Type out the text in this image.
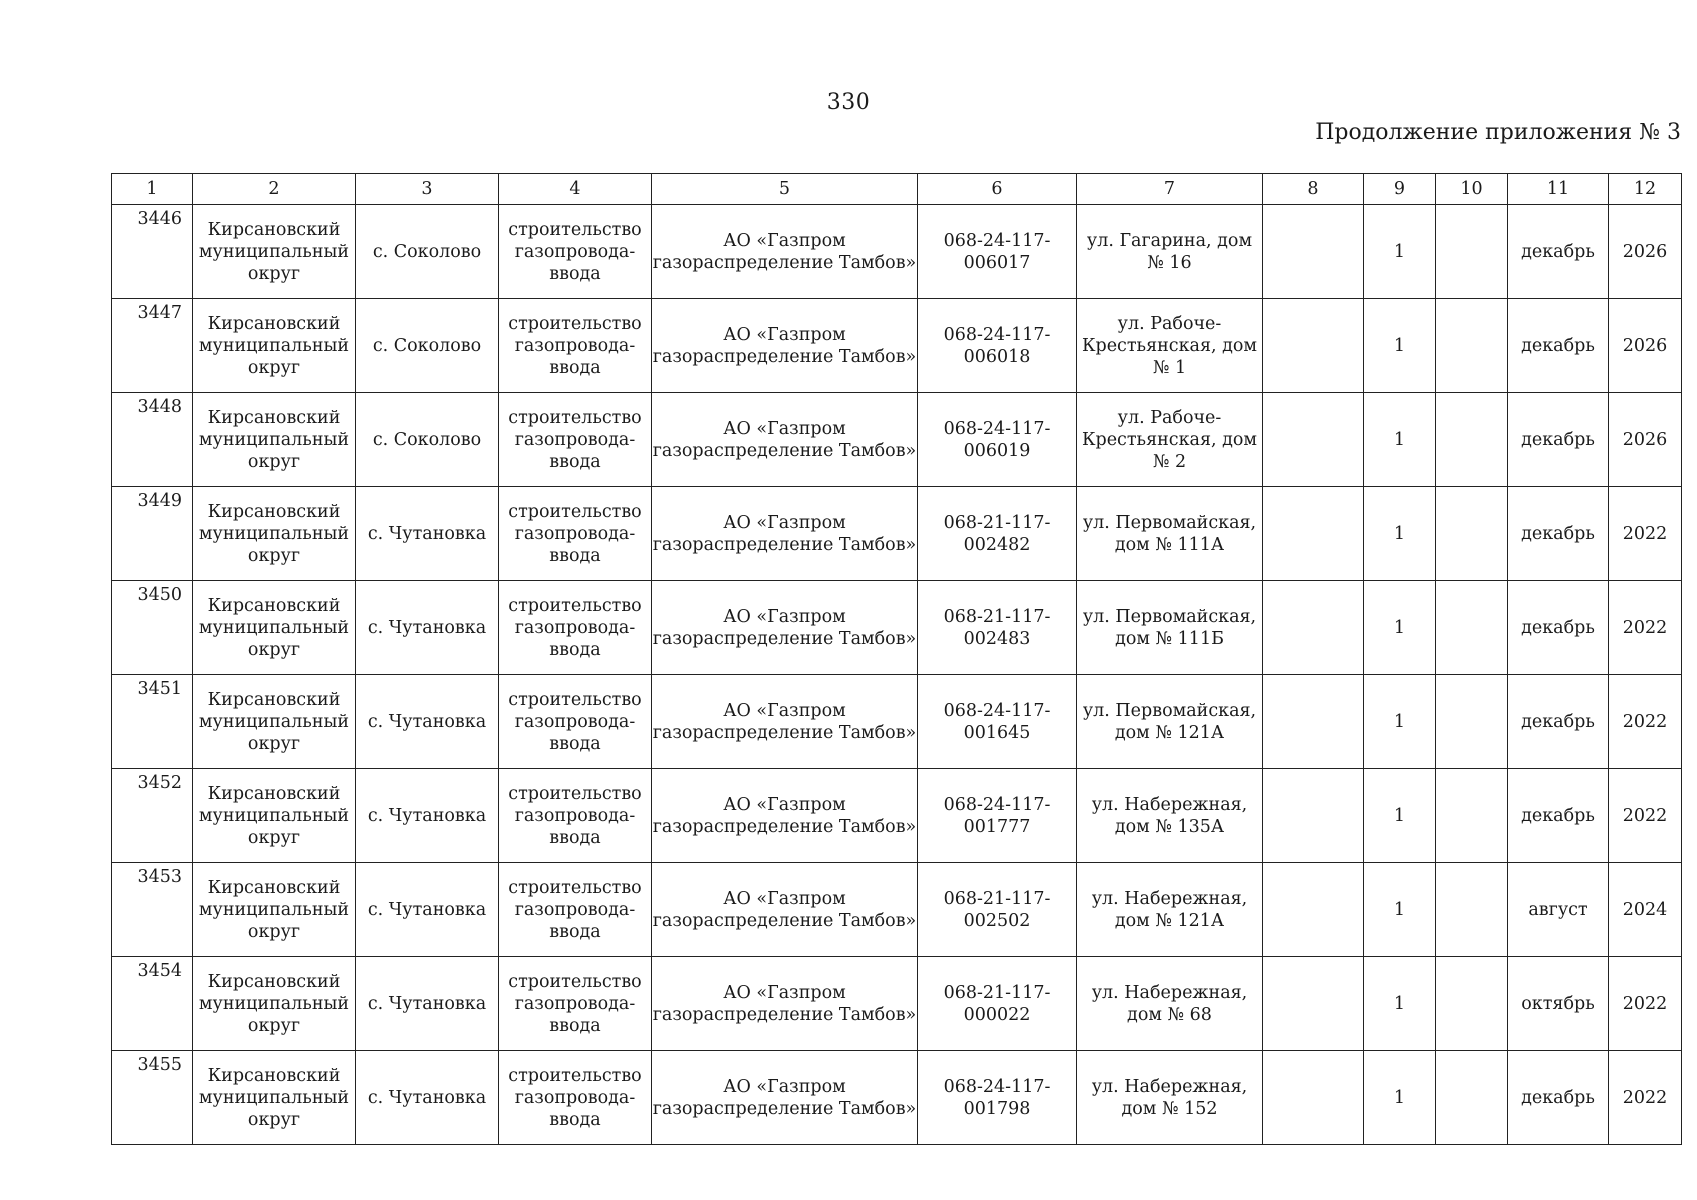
330
Продолжение приложения № 3
1	2	3	4	5	6	7	8	9	10	11	12
3446	Кирсановский муниципальный округ	с. Соколово	строительство газопровода-ввода	АО «Газпром газораспределение Тамбов»	068-24-117-006017	ул. Гагарина, дом № 16		1		декабрь	2026
3447	Кирсановский муниципальный округ	с. Соколово	строительство газопровода-ввода	АО «Газпром газораспределение Тамбов»	068-24-117-006018	ул. Рабоче-Крестьянская, дом № 1		1		декабрь	2026
3448	Кирсановский муниципальный округ	с. Соколово	строительство газопровода-ввода	АО «Газпром газораспределение Тамбов»	068-24-117-006019	ул. Рабоче-Крестьянская, дом № 2		1		декабрь	2026
3449	Кирсановский муниципальный округ	с. Чутановка	строительство газопровода-ввода	АО «Газпром газораспределение Тамбов»	068-21-117-002482	ул. Первомайская, дом № 111А		1		декабрь	2022
3450	Кирсановский муниципальный округ	с. Чутановка	строительство газопровода-ввода	АО «Газпром газораспределение Тамбов»	068-21-117-002483	ул. Первомайская, дом № 111Б		1		декабрь	2022
3451	Кирсановский муниципальный округ	с. Чутановка	строительство газопровода-ввода	АО «Газпром газораспределение Тамбов»	068-24-117-001645	ул. Первомайская, дом № 121А		1		декабрь	2022
3452	Кирсановский муниципальный округ	с. Чутановка	строительство газопровода-ввода	АО «Газпром газораспределение Тамбов»	068-24-117-001777	ул. Набережная, дом № 135А		1		декабрь	2022
3453	Кирсановский муниципальный округ	с. Чутановка	строительство газопровода-ввода	АО «Газпром газораспределение Тамбов»	068-21-117-002502	ул. Набережная, дом № 121А		1		август	2024
3454	Кирсановский муниципальный округ	с. Чутановка	строительство газопровода-ввода	АО «Газпром газораспределение Тамбов»	068-21-117-000022	ул. Набережная, дом № 68		1		октябрь	2022
3455	Кирсановский муниципальный округ	с. Чутановка	строительство газопровода-ввода	АО «Газпром газораспределение Тамбов»	068-24-117-001798	ул. Набережная, дом № 152		1		декабрь	2022
